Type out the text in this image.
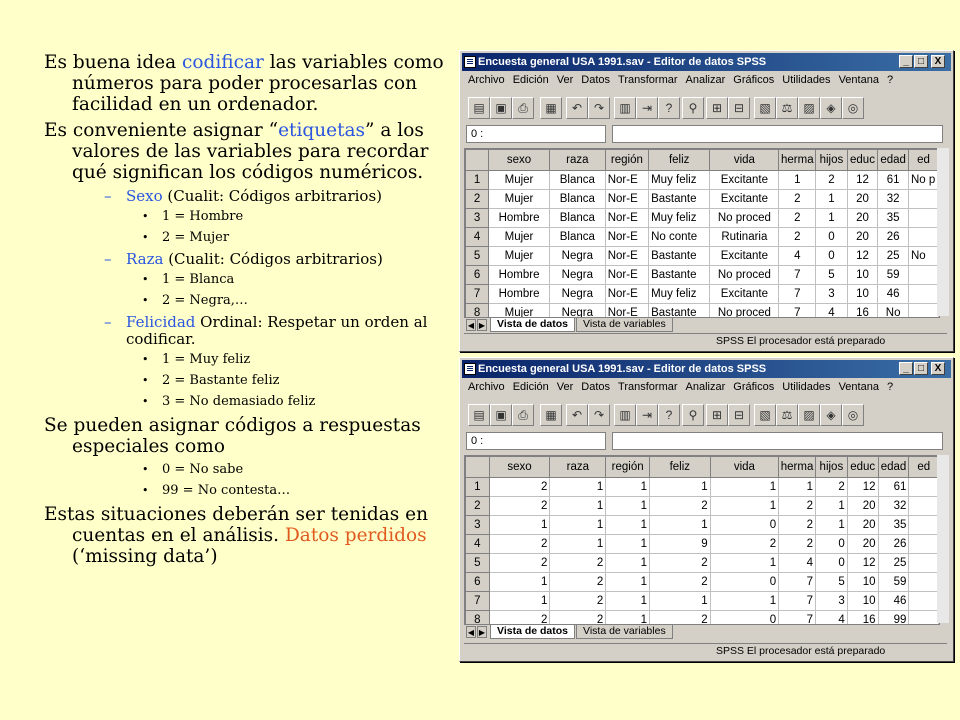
Es buena idea codificar las variables como números para poder procesarlas con facilidad en un ordenador.

Es conveniente asignar “etiquetas” a los valores de las variables para recordar qué significan los códigos numéricos.

– Sexo (Cualit: Códigos arbitrarios)

• 1 = Hombre

• 2 = Mujer

– Raza (Cualit: Códigos arbitrarios)

• 1 = Blanca

• 2 = Negra,…

– Felicidad Ordinal: Respetar un orden al codificar.

• 1 = Muy feliz

• 2 = Bastante feliz

• 3 = No demasiado feliz

Se pueden asignar códigos a respuestas especiales como

• 0 = No sabe

• 99 = No contesta…

Estas situaciones deberán ser tenidas en cuentas en el análisis. Datos perdidos (‘missing data’)

Encuesta general USA 1991.sav - Editor de datos SPSS	_ □	X
Archivo Edición Ver Datos Transformar Analizar Gráficos Utilidades Ventana ?
▤ ▣ ⎙	▦	↶ ↷	▥ ⇥	?	⚲	⊞ ⊟	▧ ⚖ ▨ ◈	◎
0 :
	sexo	raza	región	feliz	vida	herma	hijos	educ	edad	ed
1	Mujer	Blanca	Nor-E	Muy feliz	Excitante	1	2	12	61	No p
2	Mujer	Blanca	Nor-E	Bastante	Excitante	2	1	20	32	
3	Hombre	Blanca	Nor-E	Muy feliz	No proced	2	1	20	35	
4	Mujer	Blanca	Nor-E	No conte	Rutinaria	2	0	20	26	
5	Mujer	Negra	Nor-E	Bastante	Excitante	4	0	12	25	No
6	Hombre	Negra	Nor-E	Bastante	No proced	7	5	10	59	
7	Hombre	Negra	Nor-E	Muy feliz	Excitante	7	3	10	46	
8	Mujer	Negra	Nor-E	Bastante	No proced	7	4	16	No	
◀ ▶	Vista de datos	Vista de variables
SPSS El procesador está preparado
Encuesta general USA 1991.sav - Editor de datos SPSS	_ □	X
Archivo Edición Ver Datos Transformar Analizar Gráficos Utilidades Ventana ?
▤ ▣ ⎙	▦	↶ ↷	▥ ⇥	?	⚲	⊞ ⊟	▧ ⚖ ▨ ◈	◎
0 :
	sexo	raza	región	feliz	vida	herma	hijos	educ	edad	ed
1	2	1	1	1	1	1	2	12	61	
2	2	1	1	2	1	2	1	20	32	
3	1	1	1	1	0	2	1	20	35	
4	2	1	1	9	2	2	0	20	26	
5	2	2	1	2	1	4	0	12	25	
6	1	2	1	2	0	7	5	10	59	
7	1	2	1	1	1	7	3	10	46	
8	2	2	1	2	0	7	4	16	99	
◀ ▶	Vista de datos	Vista de variables
SPSS El procesador está preparado
